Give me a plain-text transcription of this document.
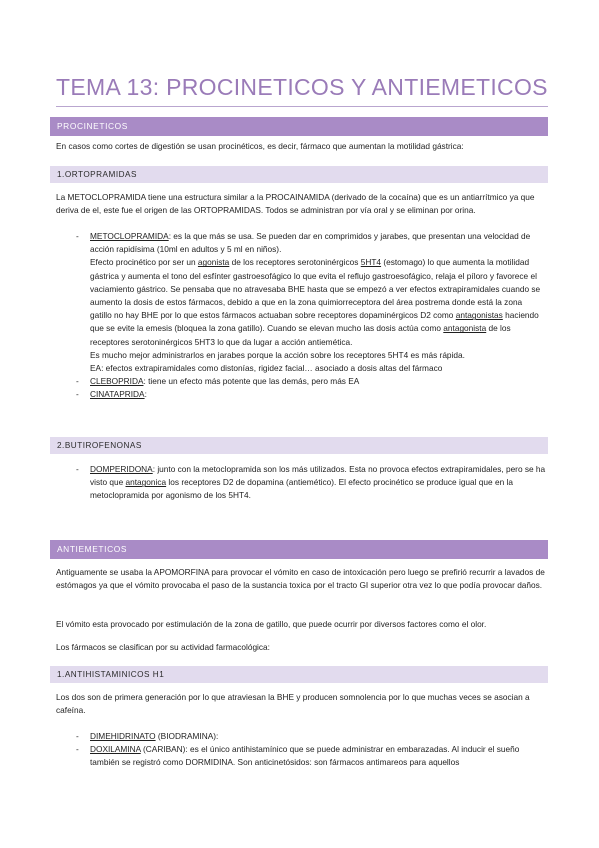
TEMA 13: PROCINETICOS Y ANTIEMETICOS
PROCINETICOS
En casos como cortes de digestión se usan procinéticos, es decir, fármaco que aumentan la motilidad gástrica:
1.ORTOPRAMIDAS
La METOCLOPRAMIDA tiene una estructura similar a la PROCAINAMIDA (derivado de la cocaína) que es un antiarrítmico ya que deriva de el, este fue el origen de las ORTOPRAMIDAS. Todos se administran por vía oral y se eliminan por orina.
- METOCLOPRAMIDA: es la que más se usa. Se pueden dar en comprimidos y jarabes, que presentan una velocidad de acción rapidísima (10ml en adultos y 5 ml en niños).
Efecto procinético por ser un agonista de los receptores serotoninérgicos 5HT4 (estomago) lo que aumenta la motilidad gástrica y aumenta el tono del esfínter gastroesofágico lo que evita el reflujo gastroesofágico, relaja el píloro y favorece el vaciamiento gástrico. Se pensaba que no atravesaba BHE hasta que se empezó a ver efectos extrapiramidales cuando se aumento la dosis de estos fármacos, debido a que en la zona quimiorreceptora del área postrema donde está la zona gatillo no hay BHE por lo que estos fármacos actuaban sobre receptores dopaminérgicos D2 como antagonistas haciendo que se evite la emesis (bloquea la zona gatillo). Cuando se elevan mucho las dosis actúa como antagonista de los receptores serotoninérgicos 5HT3 lo que da lugar a acción antiemética.
Es mucho mejor administrarlos en jarabes porque la acción sobre los receptores 5HT4 es más rápida.
EA: efectos extrapiramidales como distonías, rigidez facial… asociado a dosis altas del fármaco
- CLEBOPRIDA: tiene un efecto más potente que las demás, pero más EA
- CINATAPRIDA:
2.BUTIROFENONAS
- DOMPERIDONA: junto con la metoclopramida son los más utilizados. Esta no provoca efectos extrapiramidales, pero se ha visto que antagonica los receptores D2 de dopamina (antiemético). El efecto procinético se produce igual que en la metoclopramida por agonismo de los 5HT4.
ANTIEMETICOS
Antiguamente se usaba la APOMORFINA para provocar el vómito en caso de intoxicación pero luego se prefirió recurrir a lavados de estómagos ya que el vómito provocaba el paso de la sustancia toxica por el tracto GI superior otra vez lo que podía provocar daños.
El vómito esta provocado por estimulación de la zona de gatillo, que puede ocurrir por diversos factores como el olor.
Los fármacos se clasifican por su actividad farmacológica:
1.ANTIHISTAMINICOS H1
Los dos son de primera generación por lo que atraviesan la BHE y producen somnolencia por lo que muchas veces se asocian a cafeína.
- DIMEHIDRINATO (BIODRAMINA):
- DOXILAMINA (CARIBAN): es el único antihistamínico que se puede administrar en embarazadas. Al inducir el sueño también se registró como DORMIDINA. Son anticinetósidos: son fármacos antimareos para aquellos
